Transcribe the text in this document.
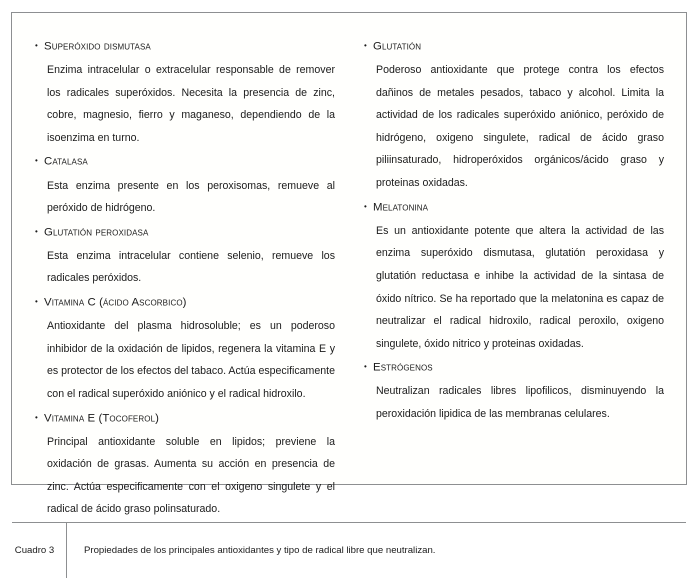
• Superóxido dismutasa

Enzima intracelular o extracelular responsable de remover los radicales superóxidos. Necesita la presencia de zinc, cobre, magnesio, fierro y maganeso, dependiendo de la isoenzima en turno.

• Catalasa

Esta enzima presente en los peroxisomas, remueve al peróxido de hidrógeno.

• Glutatión peroxidasa

Esta enzima intracelular contiene selenio, remueve los radicales peróxidos.

• Vitamina C (ácido Ascorbico)

Antioxidante del plasma hidrosoluble; es un poderoso inhibidor de la oxidación de lipidos, regenera la vitamina E y es protector de los efectos del tabaco. Actúa especificamente con el radical superóxido aniónico y el radical hidroxilo.

• Vitamina E (Tocoferol)

Principal antioxidante soluble en lipidos; previene la oxidación de grasas. Aumenta su acción en presencia de zinc. Actúa especificamente con el oxigeno singulete y el radical de ácido graso polinsaturado.

• Glutatión

Poderoso antioxidante que protege contra los efectos dañinos de metales pesados, tabaco y alcohol. Limita la actividad de los radicales superóxido aniónico, peróxido de hidrógeno, oxigeno singulete, radical de ácido graso piliinsaturado, hidroperóxidos orgánicos/ácido graso y proteinas oxidadas.

• Melatonina

Es un antioxidante potente que altera la actividad de las enzima superóxido dismutasa, glutatión peroxidasa y glutatión reductasa e inhibe la actividad de la sintasa de óxido nítrico. Se ha reportado que la melatonina es capaz de neutralizar el radical hidroxilo, radical peroxilo, oxigeno singulete, óxido nitrico y proteinas oxidadas.

• Estrógenos

Neutralizan radicales libres lipofilicos, disminuyendo la peroxidación lipidica de las membranas celulares.

Cuadro 3	Propiedades de los principales antioxidantes y tipo de radical libre que neutralizan.
